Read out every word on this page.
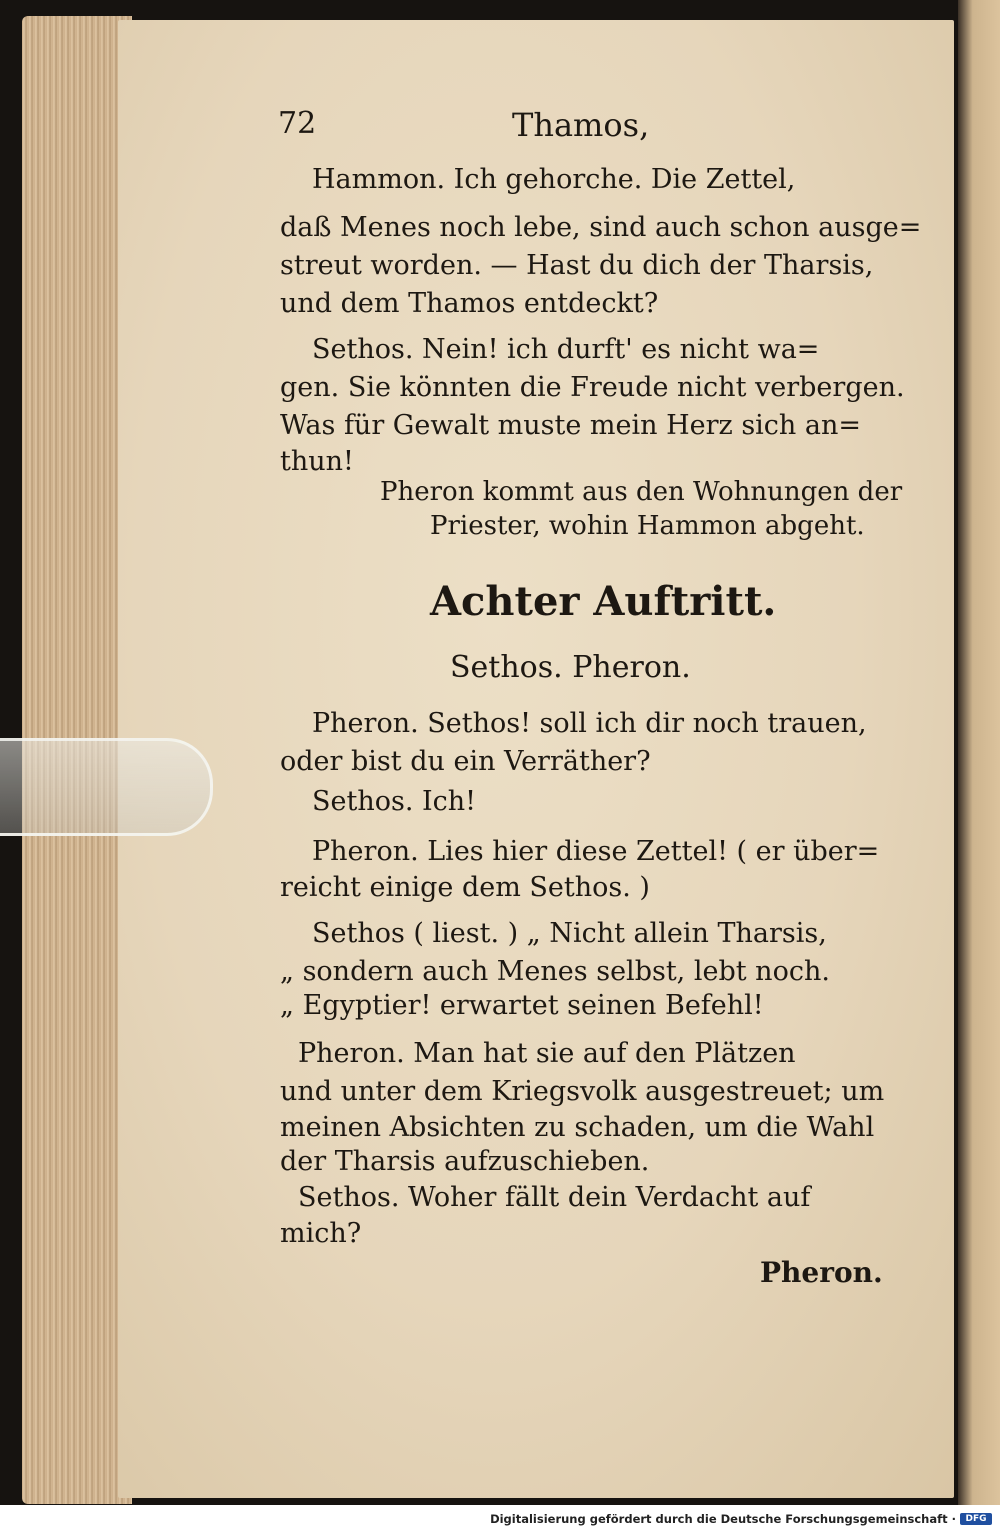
72	Thamos,
Hammon. Ich gehorche. Die Zettel,
daß Menes noch lebe, sind auch schon ausge=
streut worden. — Hast du dich der Tharsis,
und dem Thamos entdeckt?
Sethos. Nein! ich durft' es nicht wa=
gen. Sie könnten die Freude nicht verbergen.
Was für Gewalt muste mein Herz sich an=
thun!
Pheron kommt aus den Wohnungen der
Priester, wohin Hammon abgeht.
Achter Auftritt.
Sethos. Pheron.
Pheron. Sethos! soll ich dir noch trauen,
oder bist du ein Verräther?
Sethos. Ich!
Pheron. Lies hier diese Zettel! ( er über=
reicht einige dem Sethos. )
Sethos ( liest. ) „ Nicht allein Tharsis,
„ sondern auch Menes selbst, lebt noch.
„ Egyptier! erwartet seinen Befehl!
Pheron. Man hat sie auf den Plätzen
und unter dem Kriegsvolk ausgestreuet; um
meinen Absichten zu schaden, um die Wahl
der Tharsis aufzuschieben.
Sethos. Woher fällt dein Verdacht auf
mich?
Pheron.
Digitalisierung gefördert durch die Deutsche Forschungsgemeinschaft ·	DFG
